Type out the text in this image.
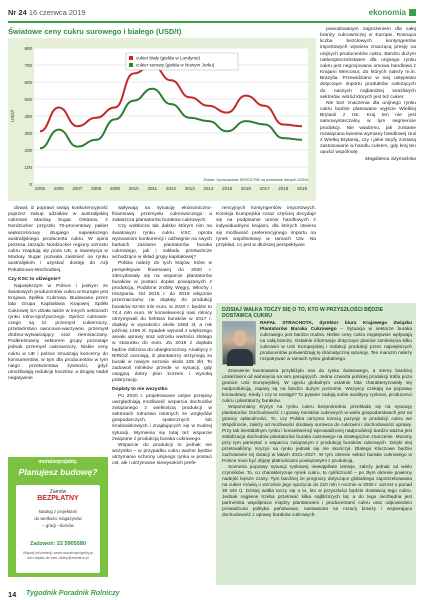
Nr 24 16 czerwca 2019	ekonomia
Światowe ceny cukru surowego i białego (USD/t)
0
100
200
300
400
500
600
700
800
USD/t
2005 2006 2007 2008 2009 2010 2011 2012 2013 2014 2015 2016 2017 2018 2019
cukier biały (giełda w Londynie)
cukier surowy (giełda w Nowym Jorku)
Źródło: Opracowanie IERiGŻ-PIB na podstawie danych USDA
dował, iż poprawi swoją konkurencyjność poprzez zakup udziałów w australijskiej cukrowni Mackay Sugar. Ostatnio, z Nordzucker przyszło 70-procentowy pakiet większościowy drugiego największego australijskiego producenta cukru. W opinii prezesa zarządu Nordzucker regiony wzrostu cukru znajdują się poza UE, a inwestycja w Mackay Sugar pozwala zaistnieć na rynku australijskim i uzyskać dostęp do Azji Południowo-Wschodniej.
Czy KSC to ulżwignie?
Największym w Polsce i jednym ze światowych producentów cukru w Europie jest Krajowa Spółka Cukrowa. Budowana przez lata Grupa Kapitałowa Krajowej Spółki Cukrowej SA działa także w innych sektorach rynku rolno-spożywczego. Oprócz cukrowni-czego są to: przemysł cukierniczy, przetwórstwo owocowo-warzywne, przemysł drobno-wytwarzający oraz ziemniaczany. Podkreśmamy sektorem grupy pozostaje jednak przemysł cukrowniczy. Niskie ceny cukru w UE i polsce zmuszają koncerny do konsumentów, w tym dla producentów w tym niego przetwórstwa żywności, gdyż umożliwiają redukcję kosztów, a drugiej nadal negatywnie
muratorprojekty.
Planujesz budowę?
Zamów
BEZPŁATNY
katalog z projektami
do wielkości magazynów
– gracji –domów
Zadzwoń: 22 5905580
Więcej informacji: www.muratorprojekty.pl
lub napisz do nas: sklep@murator.pl
wpływają na sytuację ekonomiczno-finansową przemysłu cukrowniczego a zwłaszcza plantatorów buraków cukrowych.
Czy wobłocza tak dalsko którym nim na światowym rynku cukru KSC oprota wyzwaniom konkurencji i udźwignie na swych barkach zarówno plantatorów buraka cukrowego, jak i zakładu przetwórcze wchodzące w skład grupy kapitałowej?
Polska należy do tych krajów, które w perspektywie finansowej do 2020 r. zdecydowały się na wsparcie plantatorów buraków w postaci dopłat powiązanych z produkcją. Podobne zrobiły Węgry, Włochy i Hiszpania. Od 2015 r. do 2019 włącznie przeznaczamy na dopłaty do produkcji buraków 82-83 mln euro, w 2020 r. będzie to 74,4 mln euro. W konsekwencji nasi rolnicy otrzymywali do hektara buraków w 2017 r. dopłaty w wysokości około 1563 zł, a rok później 1496 zł. Spadek wynosił z większego areału uprawy oraz wzrostu wartości złotego w stosunku do euro. Za 2019 z dopłata będzie zbliżona do ubiegłorocznej. Analitycy z IERiGŻ oceniają, iż plantatorzy otrzymają za buraki w nowym sezonie około 105 zł/t. To zadowoli rolników przede w sytuacji, gdy osiągną dobry plon korzeni i wysoką polaryzację.
Dopłaty to nie wszystko
Po 2020 r. projektowane unijne przepisy uwzględniają możliwość wsparcia dochodów związanego z wielkością produkcji w sektorach rolnictwa istotnych ze względów gospodarczych, społecznych lub środowiskowych i znajdujących się w trudnej sytuacji. Wymienia się tutaj też wsparcie związane z produkcją buraka cukrowego.
Wsparcie do produkcji to jednak nie wszystko – w przypadku cukru ważne będzie utrzymanie ochrony unijnego rynku w postaci ceł, ale i utrzymanie niewysokich prefe-
rencyjnych kontyngentów importowych. Komisja Europejska coraz częściej decyduje się na podpisanie umów handlowych z indywidualnymi krajami, dla których otwiera się możliwość preferencyjnego importu na rynek wspólnotowy w ramach tzw. Na przykład, co jest w dłuższej perspektywie
powodowanym zagrożeniem dla całej branży cukrowniczej w Europie. Rosnąca liczba bezcłowych kontyngentów importowych wywiera znaczącą presję na unijnych producentów cukru. Bardzo dużym niebezpieczeństwem dla unijnego rynku cukru jest negocjowana umowa handlowa z Krajami Mercosur, do których należy m.in. Brazylia. Przewidziano w niej ustępstwo dotyczące importu produktów należących do naszych najbardziej wrażliwych sektorów, wśród których jest też cukier.
Nie bez znaczenia dla unijnego rynku cukru będzie planowane wyjście Wielkiej Brytanii z UE. Kraj ten nie jest samowystarczalny w tym segmencie produkcji. Nie wiadomo, jak zostanie rozwiązana kwestia wymiany handlowej Unii z Wielką Brytanią, czy i jakie taryfy zostaną zastosowane w handlu cukrem, gdy kraj ten opuści wspólnotę.
Magdalena Szymańska
DZISIAJ WAŁKA TOCZY SIĘ O TO, KTO W PRZYSZŁOŚCI BĘDZIE DOSTAWCĄ CUKRU
RAFAŁ STRACHOTA, dyrektor biura Krajowego Związku Plantatorów Buraka Cukrowego – Sytuacja w sektorze buraka cukrowego jest bardzo trudna. Niskie ceny cukru negatywnie wpływają na całą branżę. Ostatnie informacje dotyczące planów zamknięcia kilku cukrowni w Unii Europejskiej i redukcji produkcji przez największych producentów potwierdzają tę dramatyczną sytuację. Ten marazm należy rozpatrywać w ramach rynku globalnego.
Zniesienie kwotowania przybliżyło nas do rynku światowego, a stemy bardziej uzależnieni od wahnięcia na nim panujących. Jedna czwarta polskiej produkcji trafia poza granice Unii Europejskiej. W ujęciu globalnym ostatnie lata charakteryzowały się nadprodukcją, zapasy są na bardzo dużym poziomie. Wszyscy czekają na poprawę koniunktury. Kiedy i czy to nastąpi? To pytanie zadają sobie analitycy rynkowi, producenci cukru i plantatorzy buraków.
Wspomniany kryzys na rynku cukru bezpośrednio przekłada się na sytuację plantatorów. Dochodowość z uprawy buraków cukrowych w wielu gospodarstwach jest na granicy opłacalności. To, czy Polska utrzyma trzecią pozycję w produkcji cukru we Wspólnocie, zależy od możliwości dostawy surowca do cukrowni i dochodowości uprawy. Przy tak niestabilnym rynku i konsekwencji wprowadzonej nadprodukcji bardzo ważna jest stabilizacja dochodów plantatorów buraka cukrowego na strategiczne znaczenie. Musimy przy tym pamiętać o wsparciu związanym z produkcją buraków cukrowych. Dzięki niej przetrwaliśmy. Kryzys na rynku jednak się nie skończył. Dlatego Kluczowe będzie zachowanie tej dotacji w latach 2021–2027. W tym okresie sektor buraka cukrowego w Polsce musi być objęty płatnościami powiązanymi z produkcją.
Sceneria poprawy sytuacji rynkowej niewątpliwie istnieje, zależy jednak od wielu czynników. To, co charakteryzuje rynek cukru, to cykliczność – po złym okresie powinny nadejść lepsze czasy. Tym bardziej że prognozy dotyczące globalnego zapotrzebowania na cukier mówią o wzroście jego spożycia do 220 mln t rocznie w 2030 r. wzrost o ponad 30 mln t). Dzisiaj walka toczy się o to, kto w przyszłości będzie dostawcą tego cukru. Jednak najpierw trzeba przetrwać kilka najbliższych lat, a do tego niezbędna jest partnerska współpraca między plantatorami i producentami cukru oraz odpowiednio prowadzona polityka państwowa, nastawiona na rozwój branży i wspierająca dochodowość z uprawy buraków cukrowych.
14 Tygodnik Poradnik Rolniczy
